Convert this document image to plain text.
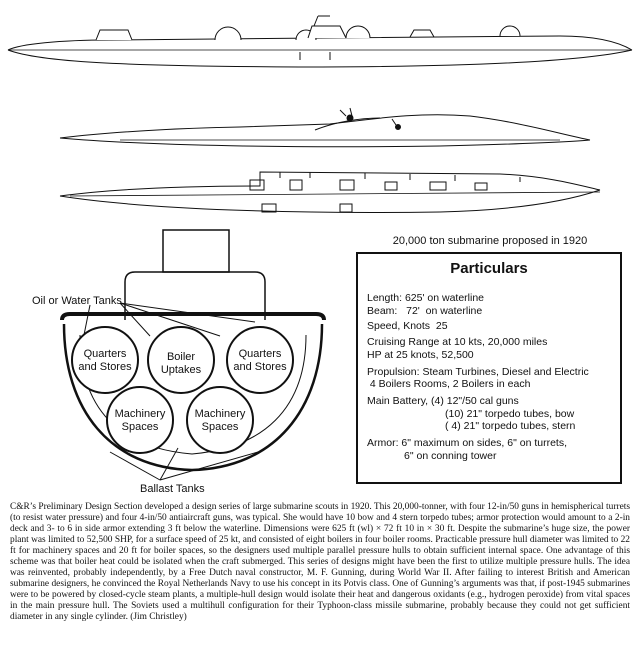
Oil or Water Tanks
Quarters
and Stores
Boiler
Uptakes
Quarters
and Stores
Machinery
Spaces
Machinery
Spaces
Ballast Tanks
20,000 ton submarine proposed in 1920
Particulars
Length: 625' on waterline
Beam:   72'  on waterline
Speed, Knots  25
Cruising Range at 10 kts, 20,000 miles
HP at 25 knots, 52,500
Propulsion: Steam Turbines, Diesel and Electric
4 Boilers Rooms, 2 Boilers in each
Main Battery, (4) 12"/50 cal guns
(10) 21" torpedo tubes, bow
( 4) 21" torpedo tubes, stern
Armor: 6" maximum on sides, 6" on turrets,
6" on conning tower
C&R’s Preliminary Design Section developed a design series of large submarine scouts in 1920. This 20,000-tonner, with four 12-in/50 guns in hemispherical turrets (to resist water pressure) and four 4-in/50 antiaircraft guns, was typical. She would have 10 bow and 4 stern torpedo tubes; armor protection would amount to a 2-in deck and 3- to 6 in side armor extending 3 ft below the waterline. Dimensions were 625 ft (wl) × 72 ft 10 in × 30 ft. Despite the submarine’s huge size, the power plant was limited to 52,500 SHP, for a surface speed of 25 kt, and consisted of eight boilers in four boiler rooms. Practicable pressure hull diameter was limited to 22 ft for machinery spaces and 20 ft for boiler spaces, so the designers used multiple parallel pressure hulls to obtain sufficient internal space. One advantage of this scheme was that boiler heat could be isolated when the craft submerged. This series of designs might have been the first to utilize multiple pressure hulls. The idea was reinvented, probably independently, by a Free Dutch naval constructor, M. F. Gunning, during World War II. After failing to interest British and American submarine designers, he convinced the Royal Netherlands Navy to use his concept in its Potvis class. One of Gunning’s arguments was that, if post-1945 submarines were to be powered by closed-cycle steam plants, a multiple-hull design would isolate their heat and dangerous oxidants (e.g., hydrogen peroxide) from vital spaces in the main pressure hull. The Soviets used a multihull configuration for their Typhoon-class missile submarine, probably because they could not get sufficient diameter in any single cylinder. (Jim Christley)
